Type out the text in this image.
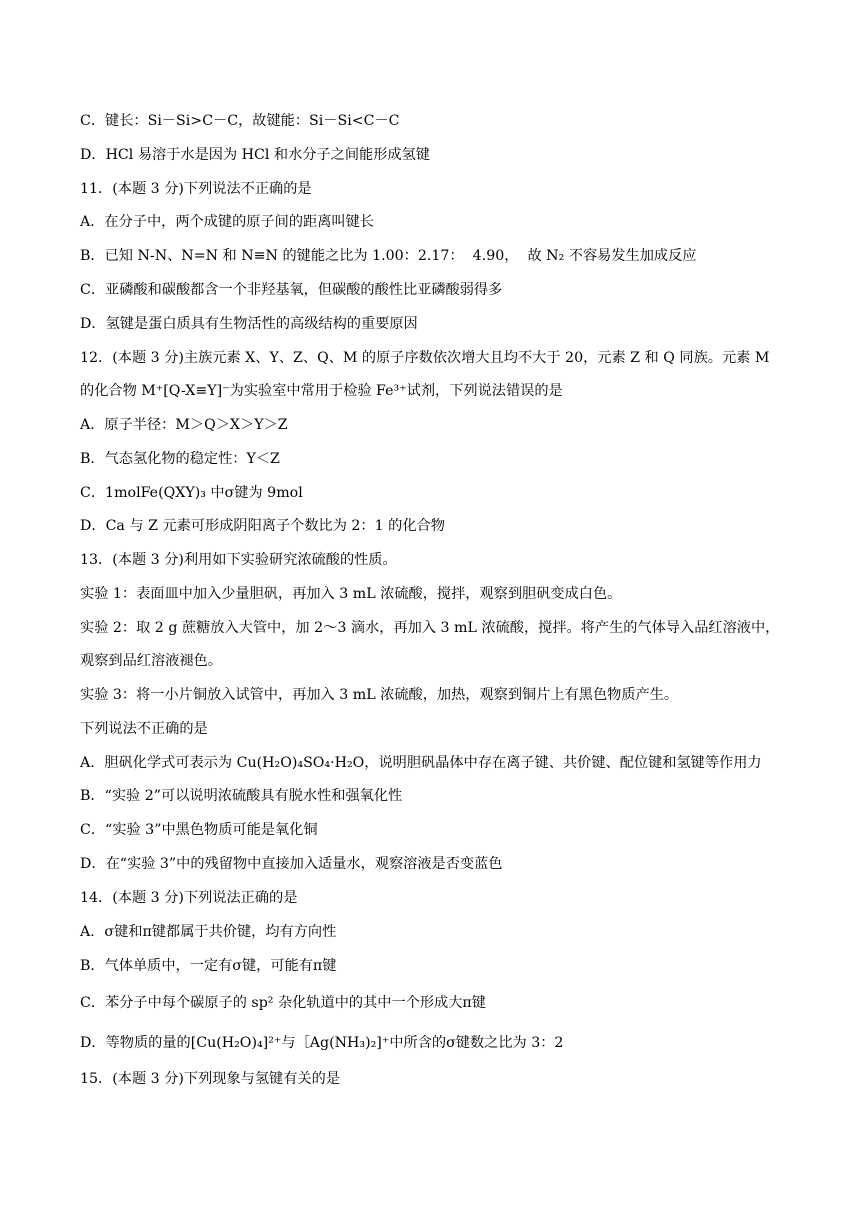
C．键长：Si－Si>C－C，故键能：Si－Si<C－C
D．HCl 易溶于水是因为 HCl 和水分子之间能形成氢键
11．(本题 3 分)下列说法不正确的是
A．在分子中，两个成键的原子间的距离叫键长
B．已知 N-N、N=N 和 N≡N 的键能之比为 1.00：2.17：  4.90，  故 N₂ 不容易发生加成反应
C．亚磷酸和碳酸都含一个非羟基氧，但碳酸的酸性比亚磷酸弱得多
D．氢键是蛋白质具有生物活性的高级结构的重要原因
12．(本题 3 分)主族元素 X、Y、Z、Q、M 的原子序数依次增大且均不大于 20，元素 Z 和 Q 同族。元素 M
的化合物 M⁺[Q-X≡Y]⁻为实验室中常用于检验 Fe³⁺试剂，下列说法错误的是
A．原子半径：M＞Q＞X＞Y＞Z
B．气态氢化物的稳定性：Y＜Z
C．1molFe(QXY)₃ 中σ键为 9mol
D．Ca 与 Z 元素可形成阴阳离子个数比为 2：1 的化合物
13．(本题 3 分)利用如下实验研究浓硫酸的性质。
实验 1：表面皿中加入少量胆矾，再加入 3 mL 浓硫酸，搅拌，观察到胆矾变成白色。
实验 2：取 2 g 蔗糖放入大管中，加 2～3 滴水，再加入 3 mL 浓硫酸，搅拌。将产生的气体导入品红溶液中，
观察到品红溶液褪色。
实验 3：将一小片铜放入试管中，再加入 3 mL 浓硫酸，加热，观察到铜片上有黑色物质产生。
下列说法不正确的是
A．胆矾化学式可表示为 Cu(H₂O)₄SO₄·H₂O，说明胆矾晶体中存在离子键、共价键、配位键和氢键等作用力
B．“实验 2”可以说明浓硫酸具有脱水性和强氧化性
C．“实验 3”中黑色物质可能是氧化铜
D．在“实验 3”中的残留物中直接加入适量水，观察溶液是否变蓝色
14．(本题 3 分)下列说法正确的是
A．σ键和π键都属于共价键，均有方向性
B．气体单质中，一定有σ键，可能有π键
C．苯分子中每个碳原子的 sp² 杂化轨道中的其中一个形成大π键
D．等物质的量的[Cu(H₂O)₄]²⁺与［Ag(NH₃)₂]⁺中所含的σ键数之比为 3：2
15．(本题 3 分)下列现象与氢键有关的是
